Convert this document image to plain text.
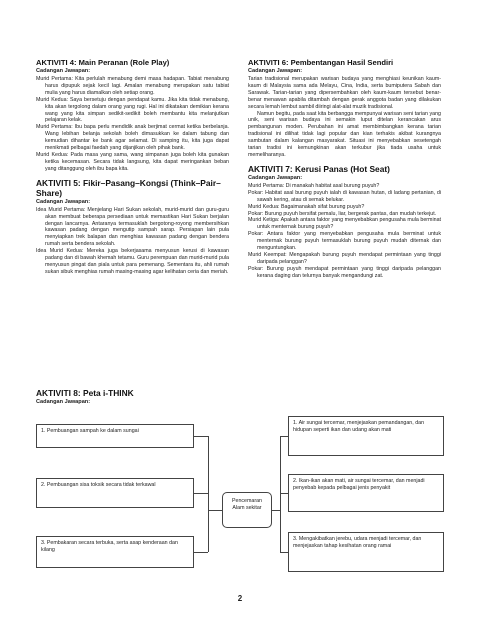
AKTIVITI 4: Main Peranan (Role Play)
Cadangan Jawapan:
Murid Pertama: Kita perlulah menabung demi masa hadapan. Tabiat menabung harus dipupuk sejak kecil lagi. Amalan menabung merupakan satu tabiat mulia yang harus diamalkan oleh setiap orang.
Murid Kedua: Saya bersetuju dengan pendapat kamu. Jika kita tidak menabung, kita akan tergolong dalam orang yang rugi. Hal ini dikatakan demikian kerana wang yang kita simpan sedikit-sedikit boleh membantu kita melanjutkan pelajaran kelak.
Murid Pertama: Ibu bapa perlu mendidik anak berjimat cermat ketika berbelanja. Wang lebihan belanja sekolah boleh dimasukkan ke dalam tabung dan kemudian dihantar ke bank agar selamat. Di samping itu, kita juga dapat menikmati pelbagai faedah yang dijanjikan oleh pihak bank.
Murid Kedua: Pada masa yang sama, wang simpanan juga boleh kita gunakan ketika kecemasan. Secara tidak langsung, kita dapat meringankan beban yang ditanggung oleh ibu bapa kita.
AKTIVITI 5: Fikir–Pasang–Kongsi (Think–Pair–Share)
Cadangan Jawapan:
Idea Murid Pertama: Menjelang Hari Sukan sekolah, murid-murid dan guru-guru akan membuat beberapa persediaan untuk memastikan Hari Sukan berjalan dengan lancarnya. Antaranya termasuklah bergotong-royong membersihkan kawasan padang dengan mengutip sampah sarap. Persiapan lain pula menyiapkan trek balapan dan menghias kawasan padang dengan bendera rumah serta bendera sekolah.
Idea Murid Kedua: Mereka juga bekerjasama menyusun kerusi di kawasan padang dan di bawah khemah tetamu. Guru perempuan dan murid-murid pula menyusun pingat dan piala untuk para pemenang. Sementara itu, ahli rumah sukan sibuk menghias rumah masing-masing agar kelihatan ceria dan meriah.
AKTIVITI 6: Pembentangan Hasil Sendiri
Cadangan Jawapan:

Tarian tradisional merupakan warisan budaya yang menghiasi keunikan kaum-kaum di Malaysia sama ada Melayu, Cina, India, serta bumiputera Sabah dan Sarawak. Tarian-tarian yang dipersembahkan oleh kaum-kaum tersebut benar-benar menawan apabila ditambah dengan gerak anggota badan yang dilakukan secara lemah lembut sambil diiringi alat-alat muzik tradisional.

Namun begitu, pada saat kita berbangga mempunyai warisan seni tarian yang unik, seni warisan budaya ini semakin luput ditelan kerancakan arus pembangunan moden. Perubahan ini amat membimbangkan kerana tarian tradisional ini dilihat tidak lagi popular dan kian terhakis akibat kurangnya sambutan dalam kalangan masyarakat. Situasi ini menyebabkan sesetengah tarian tradisi ini kemungkinan akan terkubur jika tiada usaha untuk memeliharanya.

AKTIVITI 7: Kerusi Panas (Hot Seat)
Cadangan Jawapan:
Murid Pertama: Di manakah habitat asal burung puyuh?
Pokar: Habitat asal burung puyuh ialah di kawasan hutan, di ladang pertanian, di sawah kering, atau di semak belukar.
Murid Kedua: Bagaimanakah sifat burung puyuh?
Pokar: Burung puyuh bersifat pemalu, liar, bergerak pantas, dan mudah terkejut.
Murid Ketiga: Apakah antara faktor yang menyebabkan pengusaha mula berminat untuk menternak burung puyuh?
Pokar: Antara faktor yang menyebabkan pengusaha mula berminat untuk menternak burung puyuh termasuklah burung puyuh mudah diternak dan menguntungkan.
Murid Keempat: Mengapakah burung puyuh mendapat permintaan yang tinggi daripada pelanggan?
Pokar: Burung puyuh mendapat permintaan yang tinggi daripada pelanggan kerana daging dan telurnya banyak mengandungi zat.
AKTIVITI 8: Peta i-THINK
Cadangan Jawapan:
1. Pembuangan sampah ke dalam sungai
2. Pembuangan sisa toksik secara tidak terkawal
3. Pembakaran secara terbuka, serta asap kenderaan dan kilang
Pencemaran Alam sekitar
1. Air sungai tercemar, menjejaskan pemandangan, dan hidupan seperti ikan dan udang akan mati
2. Ikan-ikan akan mati, air sungai tercemar, dan menjadi penyebab kepada pelbagai jenis penyakit
3. Mengakibatkan jerebu, udara menjadi tercemar, dan menjejaskan tahap kesihatan orang ramai
2
